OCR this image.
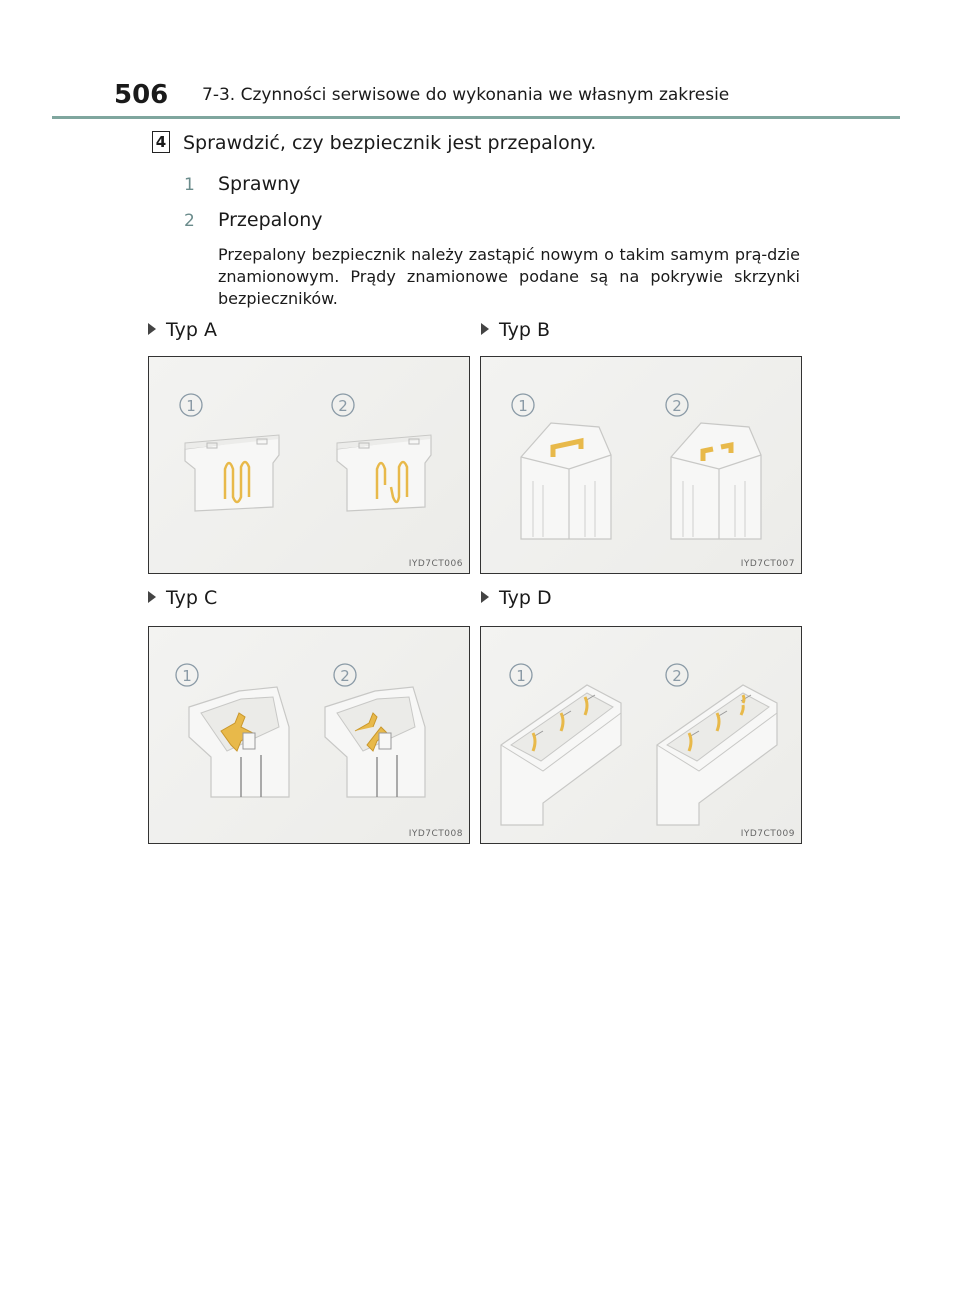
506 7-3. Czynności serwisowe do wykonania we własnym zakresie
4 Sprawdzić, czy bezpiecznik jest przepalony.
1 Sprawny
2 Przepalony
Przepalony bezpiecznik należy zastąpić nowym o takim samym prą-dzie znamionowym. Prądy znamionowe podane są na pokrywie skrzynki bezpieczników.
Typ A	Typ B
Typ C	Typ D
1	2
IYD7CT006
1	2
IYD7CT007
1	2
IYD7CT008
1	2
IYD7CT009
